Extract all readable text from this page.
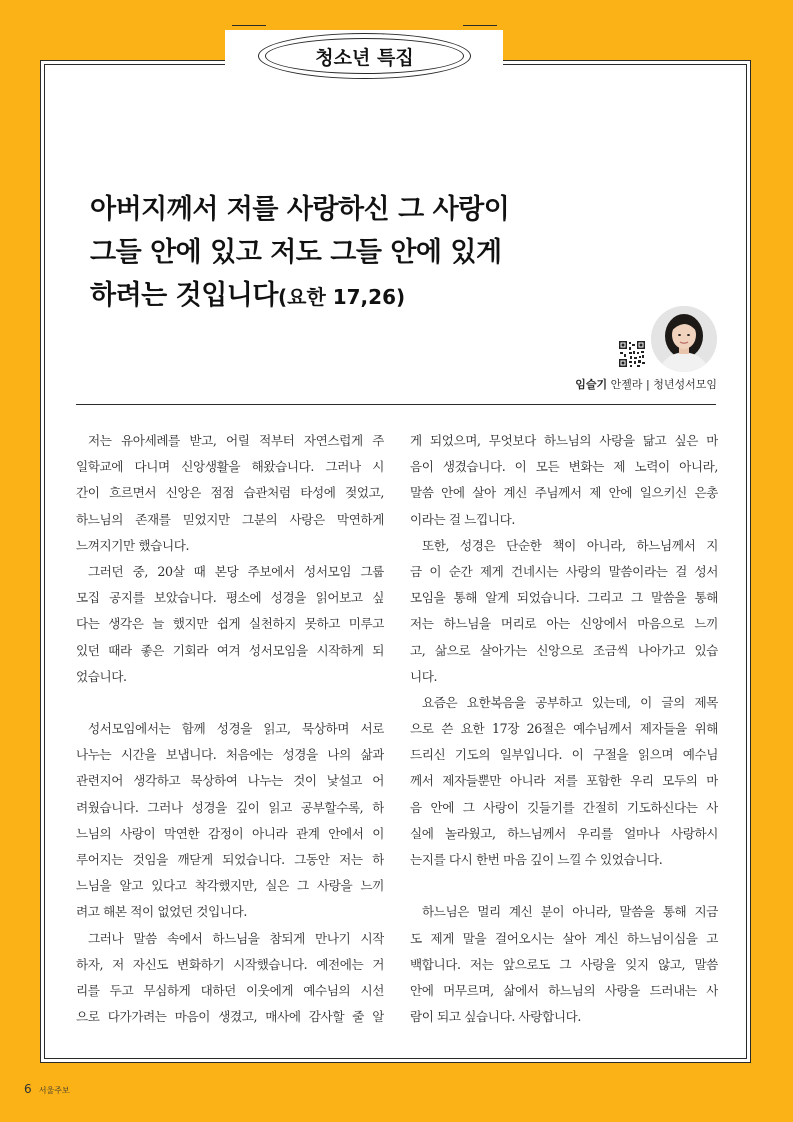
청소년 특집
아버지께서 저를 사랑하신 그 사랑이
그들 안에 있고 저도 그들 안에 있게
하려는 것입니다(요한 17,26)
임슬기 안젤라 | 청년성서모임
저는 유아세례를 받고, 어릴 적부터 자연스럽게 주
일학교에 다니며 신앙생활을 해왔습니다. 그러나 시
간이 흐르면서 신앙은 점점 습관처럼 타성에 젖었고,
하느님의 존재를 믿었지만 그분의 사랑은 막연하게
느껴지기만 했습니다.
그러던 중, 20살 때 본당 주보에서 성서모임 그룹
모집 공지를 보았습니다. 평소에 성경을 읽어보고 싶
다는 생각은 늘 했지만 쉽게 실천하지 못하고 미루고
있던 때라 좋은 기회라 여겨 성서모임을 시작하게 되
었습니다.
성서모임에서는 함께 성경을 읽고, 묵상하며 서로
나누는 시간을 보냅니다. 처음에는 성경을 나의 삶과
관련지어 생각하고 묵상하여 나누는 것이 낯설고 어
려웠습니다. 그러나 성경을 깊이 읽고 공부할수록, 하
느님의 사랑이 막연한 감정이 아니라 관계 안에서 이
루어지는 것임을 깨닫게 되었습니다. 그동안 저는 하
느님을 알고 있다고 착각했지만, 실은 그 사랑을 느끼
려고 해본 적이 없었던 것입니다.
그러나 말씀 속에서 하느님을 참되게 만나기 시작
하자, 저 자신도 변화하기 시작했습니다. 예전에는 거
리를 두고 무심하게 대하던 이웃에게 예수님의 시선
으로 다가가려는 마음이 생겼고, 매사에 감사할 줄 알
게 되었으며, 무엇보다 하느님의 사랑을 닮고 싶은 마
음이 생겼습니다. 이 모든 변화는 제 노력이 아니라,
말씀 안에 살아 계신 주님께서 제 안에 일으키신 은총
이라는 걸 느낍니다.
또한, 성경은 단순한 책이 아니라, 하느님께서 지
금 이 순간 제게 건네시는 사랑의 말씀이라는 걸 성서
모임을 통해 알게 되었습니다. 그리고 그 말씀을 통해
저는 하느님을 머리로 아는 신앙에서 마음으로 느끼
고, 삶으로 살아가는 신앙으로 조금씩 나아가고 있습
니다.
요즘은 요한복음을 공부하고 있는데, 이 글의 제목
으로 쓴 요한 17장 26절은 예수님께서 제자들을 위해
드리신 기도의 일부입니다. 이 구절을 읽으며 예수님
께서 제자들뿐만 아니라 저를 포함한 우리 모두의 마
음 안에 그 사랑이 깃들기를 간절히 기도하신다는 사
실에 놀라웠고, 하느님께서 우리를 얼마나 사랑하시
는지를 다시 한번 마음 깊이 느낄 수 있었습니다.
하느님은 멀리 계신 분이 아니라, 말씀을 통해 지금
도 제게 말을 걸어오시는 살아 계신 하느님이심을 고
백합니다. 저는 앞으로도 그 사랑을 잊지 않고, 말씀
안에 머무르며, 삶에서 하느님의 사랑을 드러내는 사
람이 되고 싶습니다. 사랑합니다.
6 서울주보
